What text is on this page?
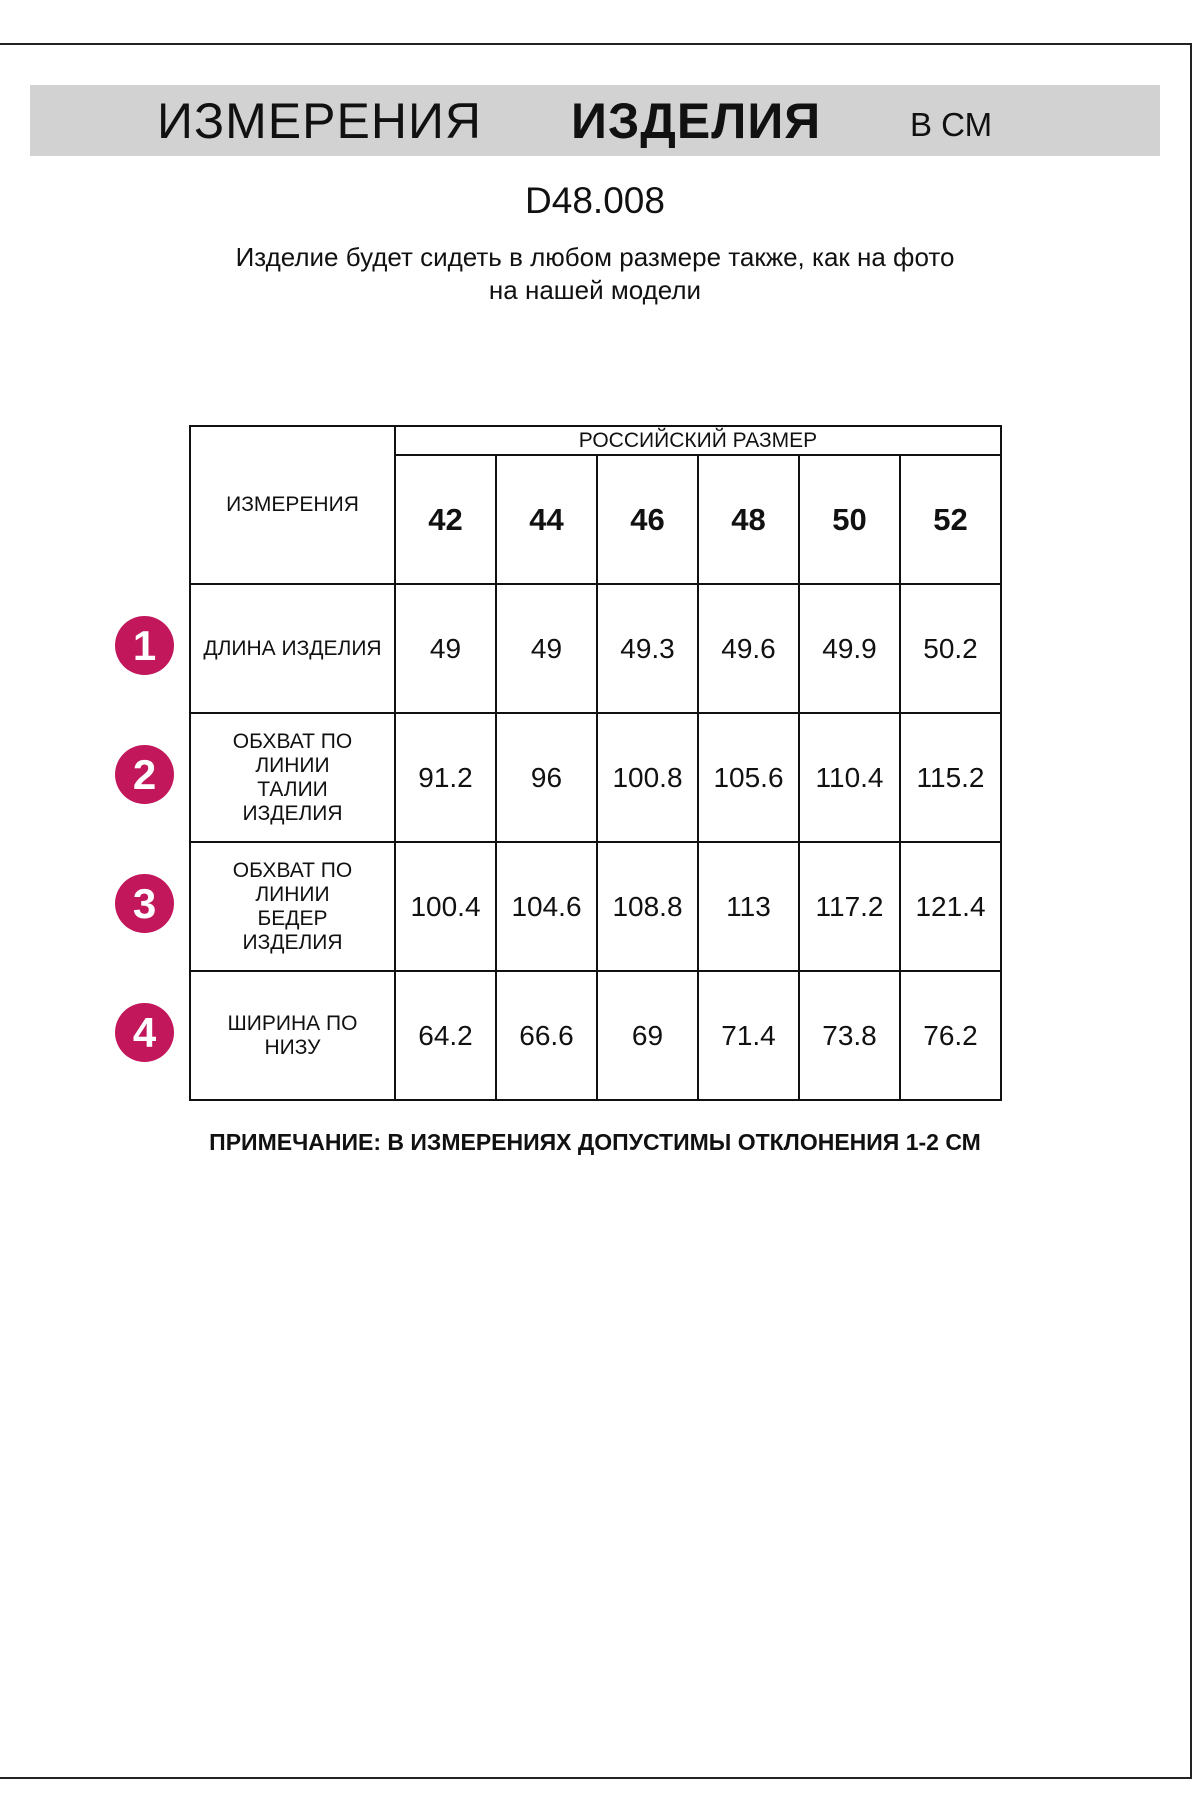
ИЗМЕРЕНИЯ ИЗДЕЛИЯ	В СМ
D48.008
Изделие будет сидеть в любом размере также, как на фото
на нашей модели
ИЗМЕРЕНИЯ	РОССИЙСКИЙ РАЗМЕР					
	42	44	46	48	50	52
ДЛИНА ИЗДЕЛИЯ	49	49	49.3	49.6	49.9	50.2

ОБХВАТ ПО ЛИНИИ ТАЛИИ ИЗДЕЛИЯ	91.2	96	100.8	105.6	110.4	115.2

ОБХВАТ ПО ЛИНИИ БЕДЕР ИЗДЕЛИЯ	100.4	104.6	108.8	113	117.2	121.4

ШИРИНА ПО НИЗУ	64.2	66.6	69	71.4	73.8	76.2
1
2
3
4
ПРИМЕЧАНИЕ: В ИЗМЕРЕНИЯХ ДОПУСТИМЫ ОТКЛОНЕНИЯ 1-2 СМ
